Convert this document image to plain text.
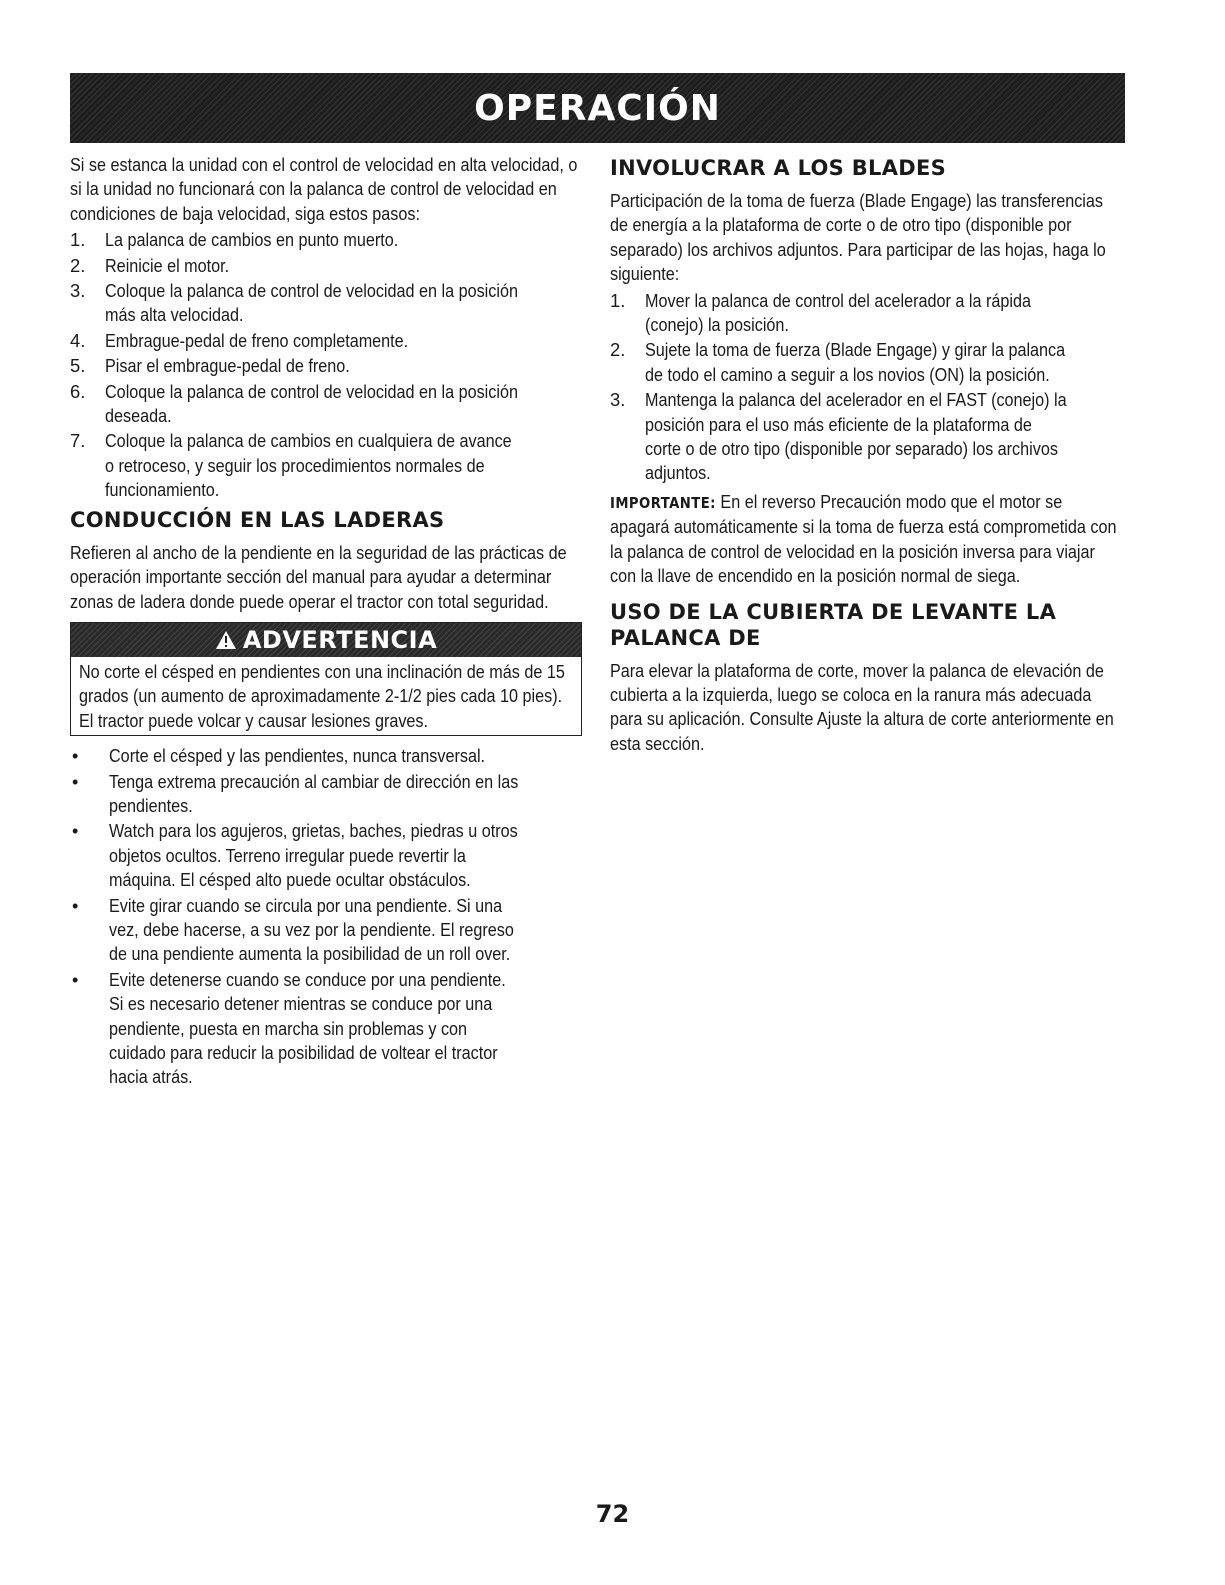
OPERACIÓN

Si se estanca la unidad con el control de velocidad en alta velocidad, o si la unidad no funcionará con la palanca de control de velocidad en condiciones de baja velocidad, siga estos pasos:

1.	La palanca de cambios en punto muerto.
2.	Reinicie el motor.
3.	Coloque la palanca de control de velocidad en la posición más alta velocidad.
4.	Embrague-pedal de freno completamente.
5.	Pisar el embrague-pedal de freno.
6.	Coloque la palanca de control de velocidad en la posición deseada.
7.	Coloque la palanca de cambios en cualquiera de avance o retroceso, y seguir los procedimientos normales de funcionamiento.
CONDUCCIÓN EN LAS LADERAS

Refieren al ancho de la pendiente en la seguridad de las prácticas de operación importante sección del manual para ayudar a determinar zonas de ladera donde puede operar el tractor con total seguridad.

ADVERTENCIA

No corte el césped en pendientes con una inclinación de más de 15 grados (un aumento de aproximadamente 2-1/2 pies cada 10 pies). El tractor puede volcar y causar lesiones graves.

•	Corte el césped y las pendientes, nunca transversal.
•	Tenga extrema precaución al cambiar de dirección en las pendientes.
•	Watch para los agujeros, grietas, baches, piedras u otros objetos ocultos. Terreno irregular puede revertir la máquina. El césped alto puede ocultar obstáculos.
•	Evite girar cuando se circula por una pendiente. Si una vez, debe hacerse, a su vez por la pendiente. El regreso de una pendiente aumenta la posibilidad de un roll over.
•	Evite detenerse cuando se conduce por una pendiente. Si es necesario detener mientras se conduce por una pendiente, puesta en marcha sin problemas y con cuidado para reducir la posibilidad de voltear el tractor hacia atrás.
INVOLUCRAR A LOS BLADES

Participación de la toma de fuerza (Blade Engage) las transferencias de energía a la plataforma de corte o de otro tipo (disponible por separado) los archivos adjuntos. Para participar de las hojas, haga lo siguiente:

1.	Mover la palanca de control del acelerador a la rápida (conejo) la posición.
2.	Sujete la toma de fuerza (Blade Engage) y girar la palanca de todo el camino a seguir a los novios (ON) la posición.
3.	Mantenga la palanca del acelerador en el FAST (conejo) la posición para el uso más eficiente de la plataforma de corte o de otro tipo (disponible por separado) los archivos adjuntos.

IMPORTANTE: En el reverso Precaución modo que el motor se apagará automáticamente si la toma de fuerza está comprometida con la palanca de control de velocidad en la posición inversa para viajar con la llave de encendido en la posición normal de siega.

USO DE LA CUBIERTA DE LEVANTE LA PALANCA DE

Para elevar la plataforma de corte, mover la palanca de elevación de cubierta a la izquierda, luego se coloca en la ranura más adecuada para su aplicación. Consulte Ajuste la altura de corte anteriormente en esta sección.

72
